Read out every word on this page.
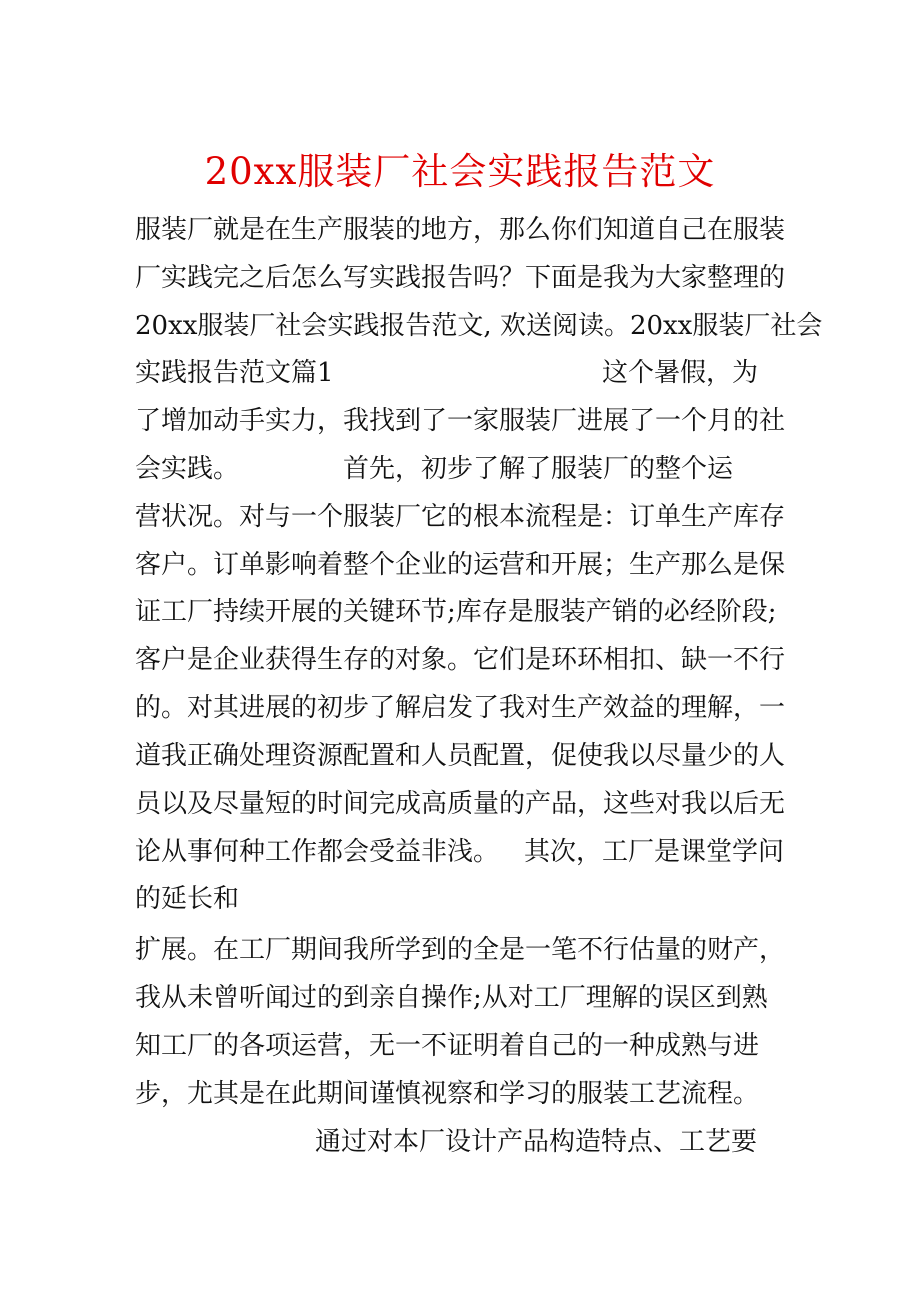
20xx服装厂社会实践报告范文
服装厂就是在生产服装的地方，那么你们知道自己在服装
厂实践完之后怎么写实践报告吗？下面是我为大家整理的
20xx服装厂社会实践报告范文, 欢送阅读。20xx服装厂社会
实践报告范文篇1	这个暑假，为
了增加动手实力，我找到了一家服装厂进展了一个月的社
会实践。	首先，初步了解了服装厂的整个运
营状况。对与一个服装厂它的根本流程是：订单生产库存
客户。订单影响着整个企业的运营和开展；生产那么是保
证工厂持续开展的关键环节;库存是服装产销的必经阶段;
客户是企业获得生存的对象。它们是环环相扣、缺一不行
的。对其进展的初步了解启发了我对生产效益的理解，一
道我正确处理资源配置和人员配置，促使我以尽量少的人
员以及尽量短的时间完成高质量的产品，这些对我以后无
论从事何种工作都会受益非浅。 其次，工厂是课堂学问
的延长和
扩展。在工厂期间我所学到的全是一笔不行估量的财产，
我从未曾听闻过的到亲自操作;从对工厂理解的误区到熟
知工厂的各项运营，无一不证明着自己的一种成熟与进
步，尤其是在此期间谨慎视察和学习的服装工艺流程。
通过对本厂设计产品构造特点、工艺要
